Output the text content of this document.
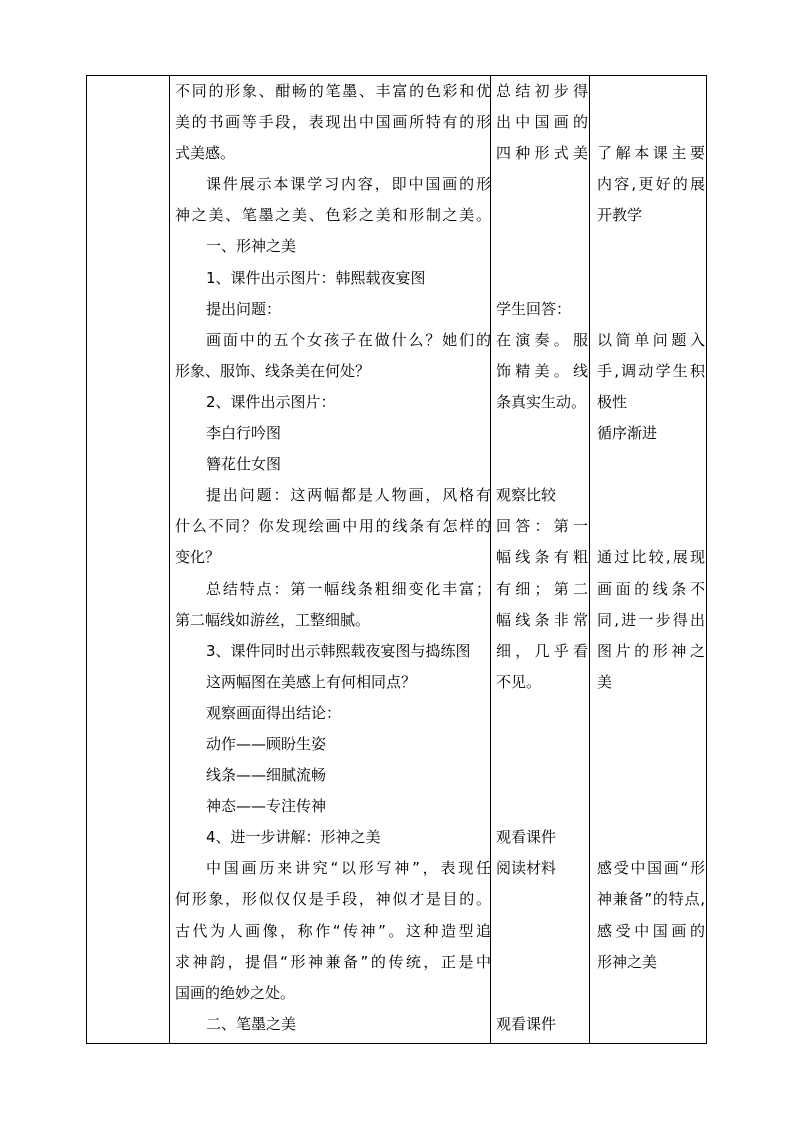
不同的形象、酣畅的笔墨、丰富的色彩和优
美的书画等手段，表现出中国画所特有的形
式美感。
课件展示本课学习内容，即中国画的形
神之美、笔墨之美、色彩之美和形制之美。
一、形神之美
1、课件出示图片：韩熙载夜宴图
提出问题：
画面中的五个女孩子在做什么？她们的
形象、服饰、线条美在何处？
2、课件出示图片：
李白行吟图
簪花仕女图
提出问题：这两幅都是人物画，风格有
什么不同？你发现绘画中用的线条有怎样的
变化？
总结特点：第一幅线条粗细变化丰富；
第二幅线如游丝，工整细腻。
3、课件同时出示韩熙载夜宴图与捣练图
这两幅图在美感上有何相同点？
观察画面得出结论：
动作——顾盼生姿
线条——细腻流畅
神态——专注传神
4、进一步讲解：形神之美
中国画历来讲究“以形写神”，表现任
何形象，形似仅仅是手段，神似才是目的。
古代为人画像，称作“传神”。这种造型追
求神韵，提倡“形神兼备”的传统，正是中
国画的绝妙之处。
二、笔墨之美
总结初步得
出中国画的
四种形式美
学生回答：
在演奏。服
饰精美。线
条真实生动。
观察比较
回答：第一
幅线条有粗
有细；第二
幅线条非常
细，几乎看
不见。
观看课件
阅读材料
观看课件
了解本课主要
内容,更好的展
开教学
以简单问题入
手,调动学生积
极性
循序渐进
通过比较,展现
画面的线条不
同,进一步得出
图片的形神之
美
感受中国画“形
神兼备”的特点,
感受中国画的
形神之美
